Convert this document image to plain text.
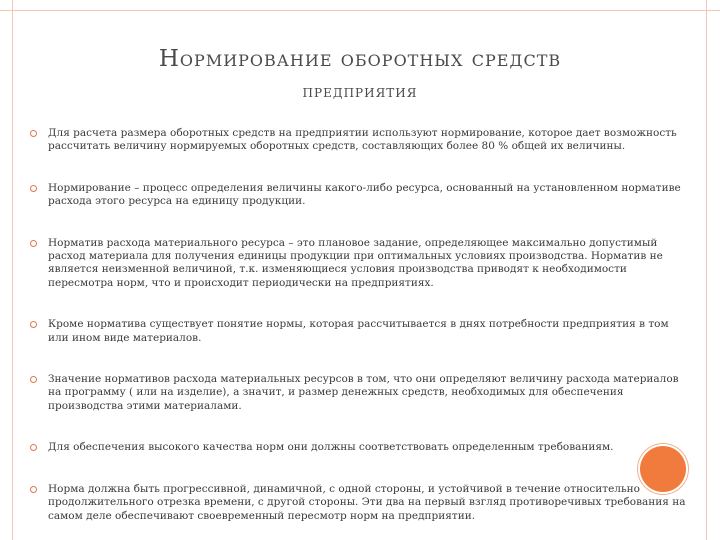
Нормирование оборотных средств
предприятия
Для расчета размера оборотных средств на предприятии используют нормирование, которое дает возможность рассчитать величину нормируемых оборотных средств, составляющих более 80 % общей их величины.
Нормирование – процесс определения величины какого-либо ресурса, основанный на установленном нормативе расхода этого ресурса на единицу продукции.
Норматив расхода материального ресурса – это плановое задание, определяющее максимально допустимый расход материала для получения единицы продукции при оптимальных условиях производства. Норматив не является неизменной величиной, т.к. изменяющиеся условия производства приводят к необходимости пересмотра норм, что и происходит периодически на предприятиях.
Кроме норматива существует понятие нормы, которая рассчитывается в днях потребности предприятия в том или ином виде материалов.
Значение нормативов расхода материальных ресурсов в том, что они определяют величину расхода материалов на программу ( или на изделие), а значит, и размер денежных средств, необходимых для обеспечения производства этими материалами.
Для обеспечения высокого качества норм они должны соответствовать определенным требованиям.
Норма должна быть прогрессивной, динамичной, с одной стороны, и устойчивой в течение относительно продолжительного отрезка времени, с другой стороны. Эти два на первый взгляд противоречивых требования на самом деле обеспечивают своевременный пересмотр норм на предприятии.
